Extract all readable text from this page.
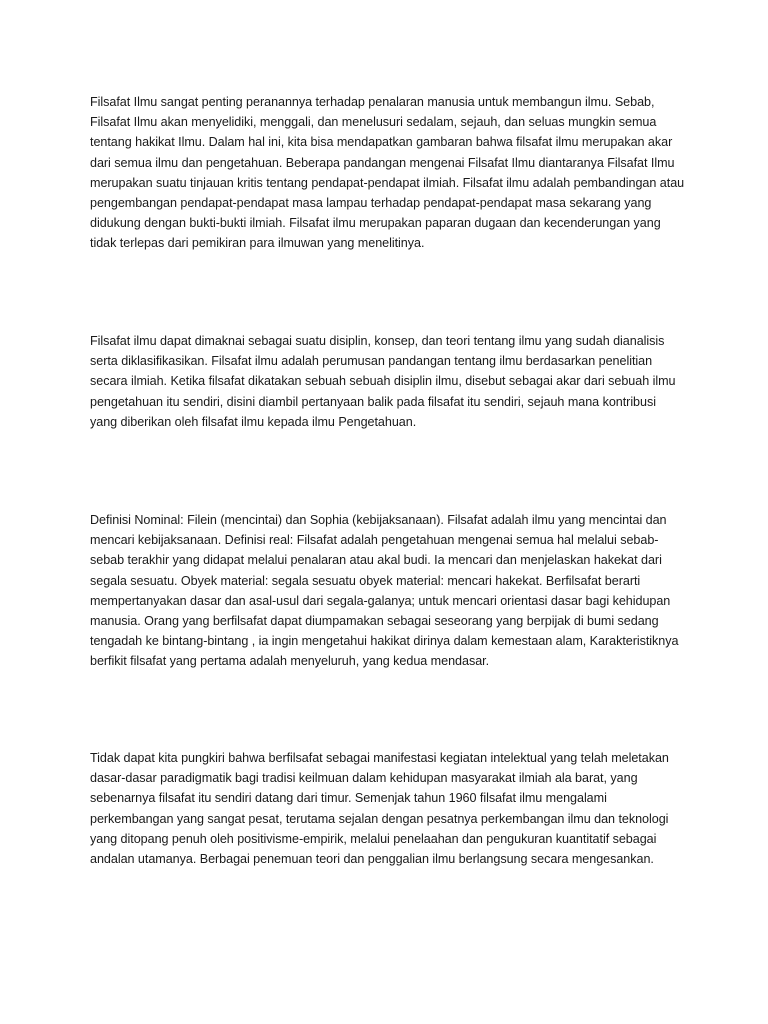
Filsafat Ilmu sangat penting peranannya terhadap penalaran manusia untuk membangun ilmu. Sebab, Filsafat Ilmu akan menyelidiki, menggali, dan menelusuri sedalam, sejauh, dan seluas mungkin semua tentang hakikat Ilmu. Dalam hal ini, kita bisa mendapatkan gambaran bahwa filsafat ilmu merupakan akar dari semua ilmu dan pengetahuan. Beberapa pandangan mengenai Filsafat Ilmu diantaranya Filsafat Ilmu merupakan suatu tinjauan kritis tentang pendapat-pendapat ilmiah. Filsafat ilmu adalah pembandingan atau pengembangan pendapat-pendapat masa lampau terhadap pendapat-pendapat masa sekarang yang didukung dengan bukti-bukti ilmiah. Filsafat ilmu merupakan paparan dugaan dan kecenderungan yang tidak terlepas dari pemikiran para ilmuwan yang menelitinya.

Filsafat ilmu dapat dimaknai sebagai suatu disiplin, konsep, dan teori tentang ilmu yang sudah dianalisis serta diklasifikasikan. Filsafat ilmu adalah perumusan pandangan tentang ilmu berdasarkan penelitian secara ilmiah. Ketika filsafat dikatakan sebuah sebuah disiplin ilmu, disebut sebagai akar dari sebuah ilmu pengetahuan itu sendiri, disini diambil pertanyaan balik pada filsafat itu sendiri, sejauh mana kontribusi yang diberikan oleh filsafat ilmu kepada ilmu Pengetahuan.

Definisi Nominal: Filein (mencintai) dan Sophia (kebijaksanaan). Filsafat adalah ilmu yang mencintai dan mencari kebijaksanaan. Definisi real: Filsafat adalah pengetahuan mengenai semua hal melalui sebab-sebab terakhir yang didapat melalui penalaran atau akal budi. Ia mencari dan menjelaskan hakekat dari segala sesuatu. Obyek material: segala sesuatu obyek material: mencari hakekat. Berfilsafat berarti mempertanyakan dasar dan asal-usul dari segala-galanya; untuk mencari orientasi dasar bagi kehidupan manusia. Orang yang berfilsafat dapat diumpamakan sebagai seseorang yang berpijak di bumi sedang tengadah ke bintang-bintang , ia ingin mengetahui hakikat dirinya dalam kemestaan alam, Karakteristiknya berfikit filsafat yang pertama adalah menyeluruh, yang kedua mendasar.

Tidak dapat kita pungkiri bahwa berfilsafat sebagai manifestasi kegiatan intelektual yang telah meletakan dasar-dasar paradigmatik bagi tradisi keilmuan dalam kehidupan masyarakat ilmiah ala barat, yang sebenarnya filsafat itu sendiri datang dari timur. Semenjak tahun 1960 filsafat ilmu mengalami perkembangan yang sangat pesat, terutama sejalan dengan pesatnya perkembangan ilmu dan teknologi yang ditopang penuh oleh positivisme-empirik, melalui penelaahan dan pengukuran kuantitatif sebagai andalan utamanya. Berbagai penemuan teori dan penggalian ilmu berlangsung secara mengesankan.
